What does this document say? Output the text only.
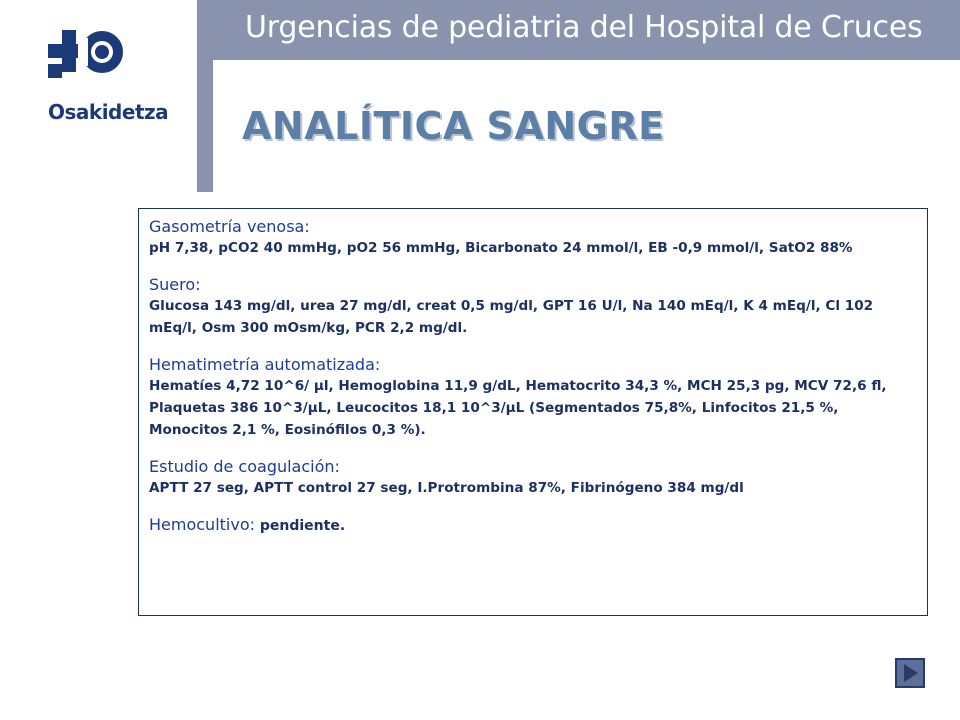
Urgencias de pediatria del Hospital de Cruces
Osakidetza ANALÍTICA SANGRE
Gasometría venosa:
pH 7,38, pCO2 40 mmHg, pO2 56 mmHg, Bicarbonato 24 mmol/l, EB -0,9 mmol/l, SatO2 88%
Suero:
Glucosa 143 mg/dl, urea 27 mg/dl, creat 0,5 mg/dl, GPT 16 U/l, Na 140 mEq/l, K 4 mEq/l, Cl 102 mEq/l, Osm 300 mOsm/kg, PCR 2,2 mg/dl.
Hematimetría automatizada:
Hematíes 4,72 10^6/ µl, Hemoglobina 11,9 g/dL, Hematocrito 34,3 %, MCH 25,3 pg, MCV 72,6 fl, Plaquetas 386 10^3/µL, Leucocitos 18,1 10^3/µL (Segmentados 75,8%, Linfocitos 21,5 %, Monocitos 2,1 %, Eosinófilos 0,3 %).
Estudio de coagulación:
APTT 27 seg, APTT control 27 seg, I.Protrombina 87%, Fibrinógeno 384 mg/dl
Hemocultivo: pendiente.
